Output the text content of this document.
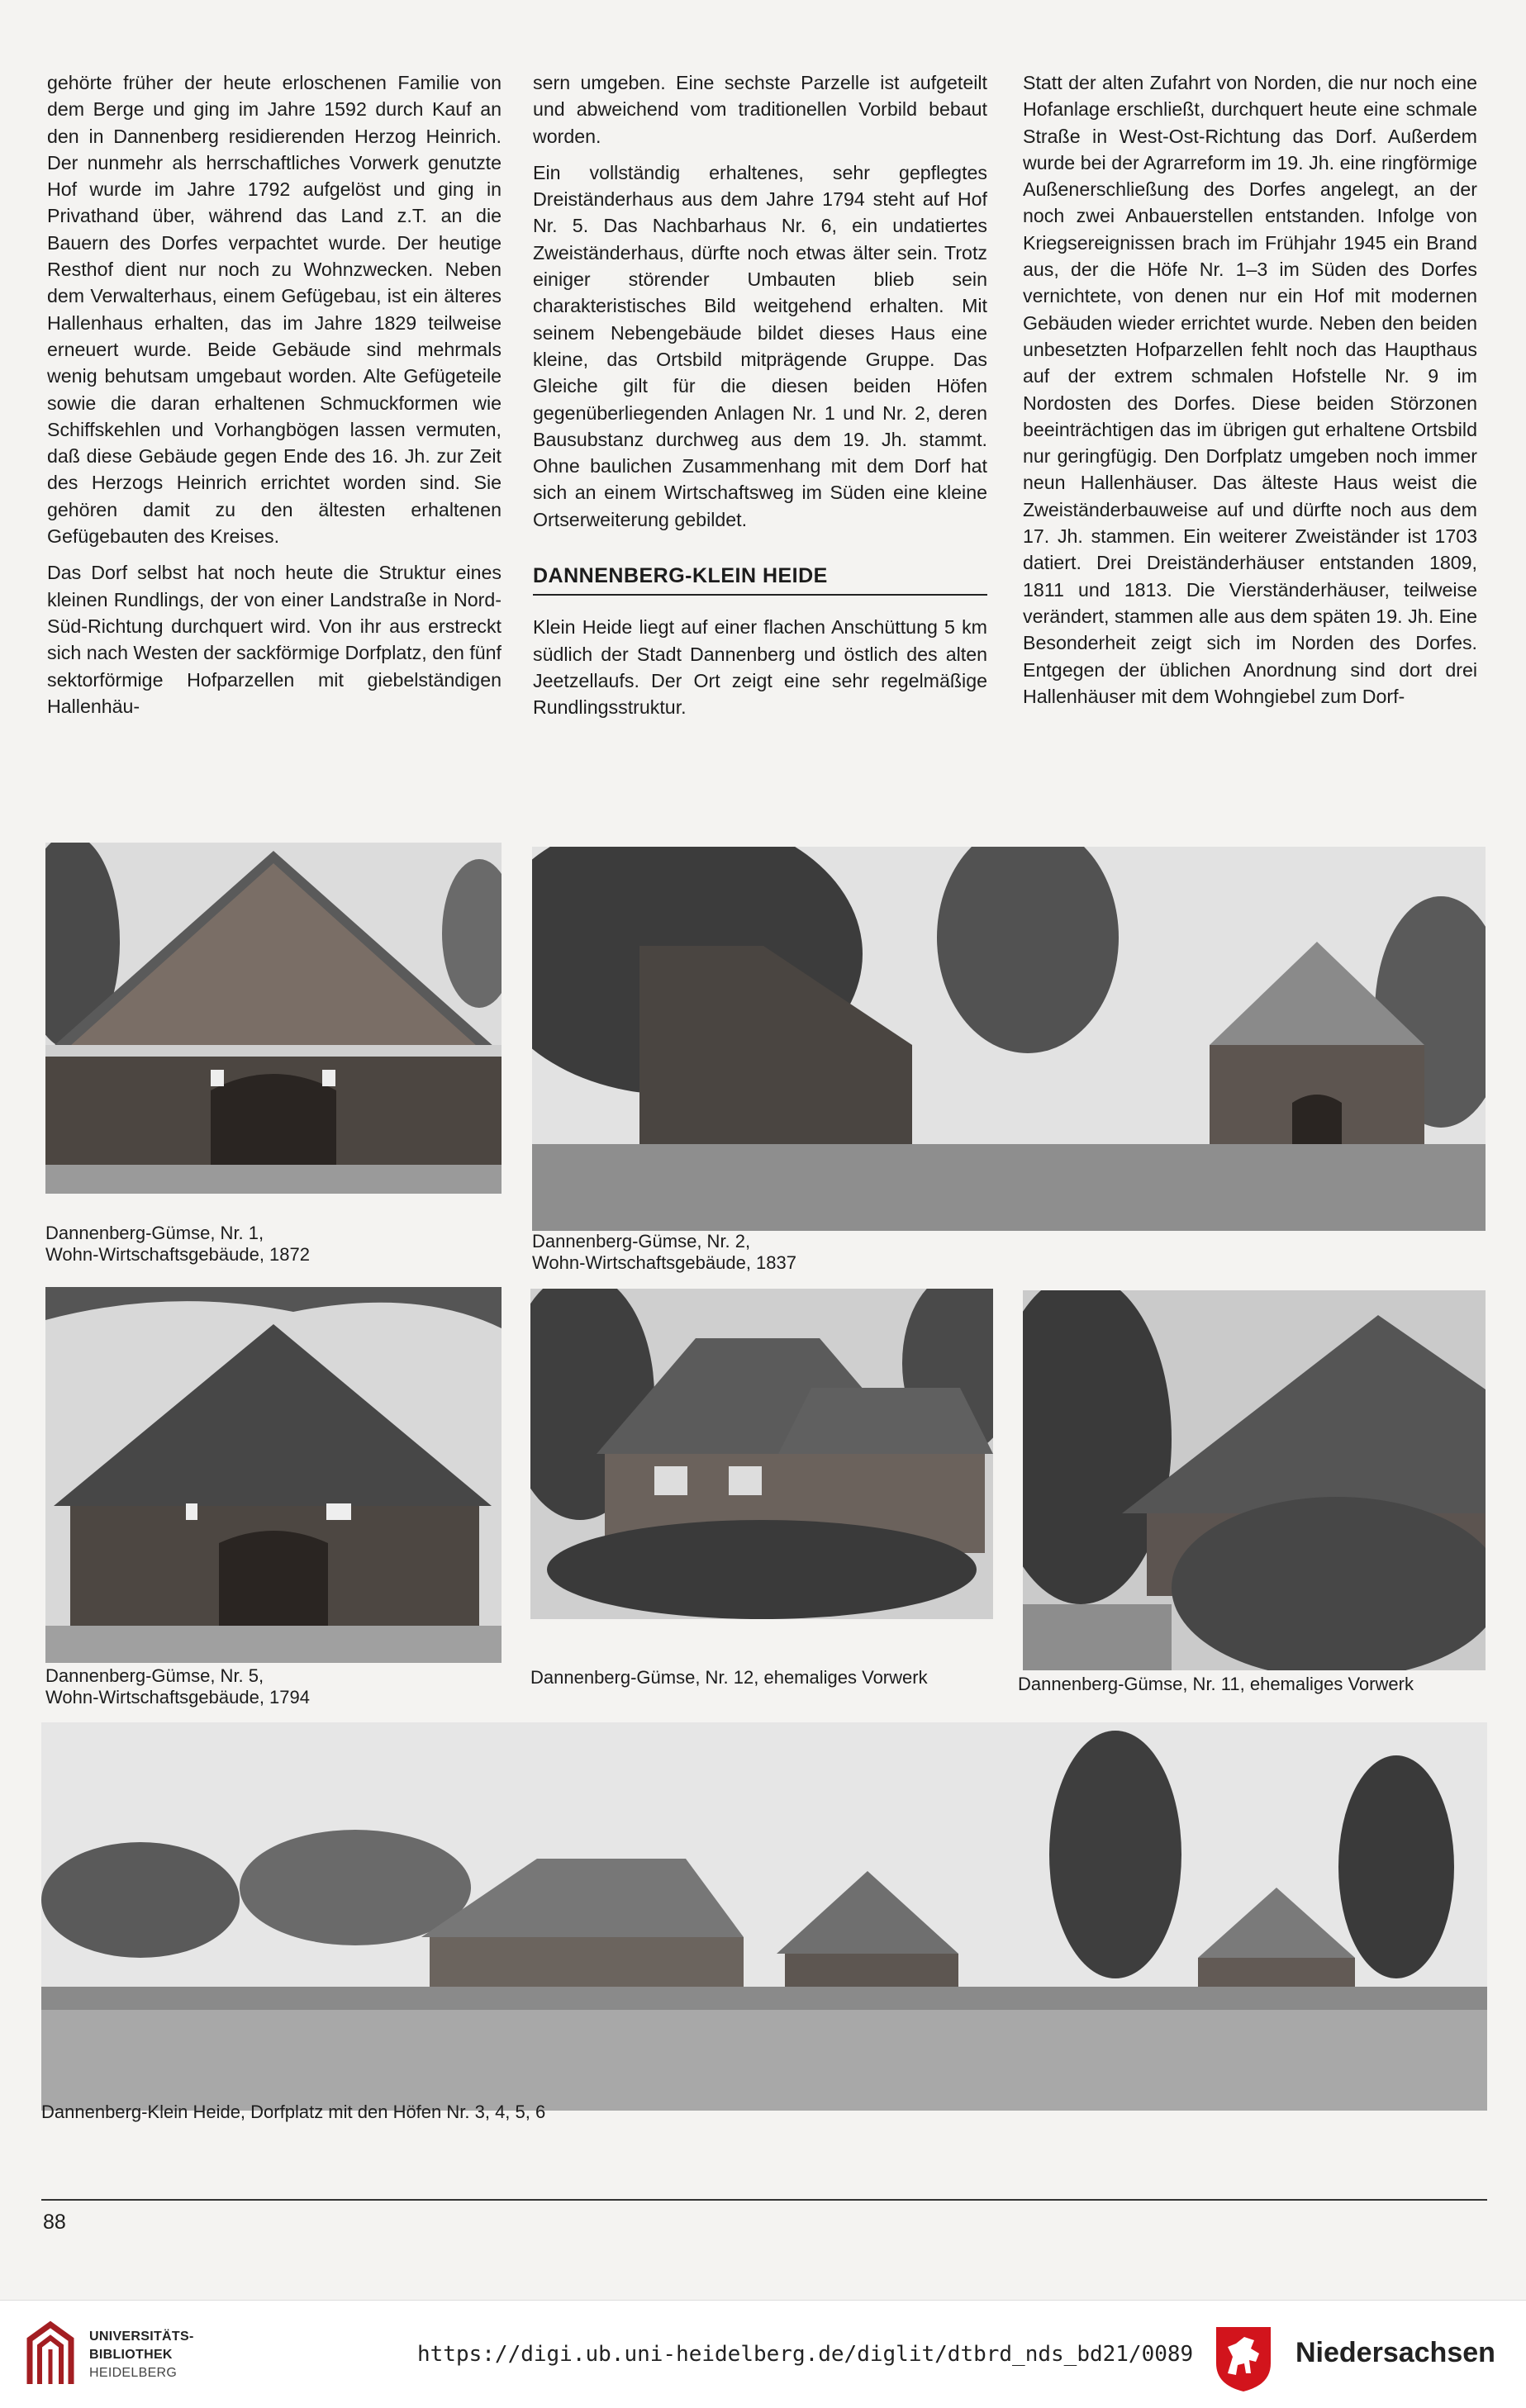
gehörte früher der heute erloschenen Familie von dem Berge und ging im Jahre 1592 durch Kauf an den in Dannenberg residierenden Herzog Heinrich. Der nunmehr als herrschaftliches Vorwerk genutzte Hof wurde im Jahre 1792 aufgelöst und ging in Privathand über, während das Land z.T. an die Bauern des Dorfes verpachtet wurde. Der heutige Resthof dient nur noch zu Wohnzwecken. Neben dem Verwalterhaus, einem Gefügebau, ist ein älteres Hallenhaus erhalten, das im Jahre 1829 teilweise erneuert wurde. Beide Gebäude sind mehrmals wenig behutsam umgebaut worden. Alte Gefügeteile sowie die daran erhaltenen Schmuckformen wie Schiffskehlen und Vorhangbögen lassen vermuten, daß diese Gebäude gegen Ende des 16. Jh. zur Zeit des Herzogs Heinrich errichtet worden sind. Sie gehören damit zu den ältesten erhaltenen Gefügebauten des Kreises.

Das Dorf selbst hat noch heute die Struktur eines kleinen Rundlings, der von einer Landstraße in Nord-Süd-Richtung durchquert wird. Von ihr aus erstreckt sich nach Westen der sackförmige Dorfplatz, den fünf sektorförmige Hofparzellen mit giebelständigen Hallenhäu-

sern umgeben. Eine sechste Parzelle ist aufgeteilt und abweichend vom traditionellen Vorbild bebaut worden.

Ein vollständig erhaltenes, sehr gepflegtes Dreiständerhaus aus dem Jahre 1794 steht auf Hof Nr. 5. Das Nachbarhaus Nr. 6, ein undatiertes Zweiständerhaus, dürfte noch etwas älter sein. Trotz einiger störender Umbauten blieb sein charakteristisches Bild weitgehend erhalten. Mit seinem Nebengebäude bildet dieses Haus eine kleine, das Ortsbild mitprägende Gruppe. Das Gleiche gilt für die diesen beiden Höfen gegenüberliegenden Anlagen Nr. 1 und Nr. 2, deren Bausubstanz durchweg aus dem 19. Jh. stammt. Ohne baulichen Zusammenhang mit dem Dorf hat sich an einem Wirtschaftsweg im Süden eine kleine Ortserweiterung gebildet.

DANNENBERG-KLEIN HEIDE

Klein Heide liegt auf einer flachen Anschüttung 5 km südlich der Stadt Dannenberg und östlich des alten Jeetzellaufs. Der Ort zeigt eine sehr regelmäßige Rundlingsstruktur.

Statt der alten Zufahrt von Norden, die nur noch eine Hofanlage erschließt, durchquert heute eine schmale Straße in West-Ost-Richtung das Dorf. Außerdem wurde bei der Agrarreform im 19. Jh. eine ringförmige Außenerschließung des Dorfes angelegt, an der noch zwei Anbauerstellen entstanden. Infolge von Kriegsereignissen brach im Frühjahr 1945 ein Brand aus, der die Höfe Nr. 1–3 im Süden des Dorfes vernichtete, von denen nur ein Hof mit modernen Gebäuden wieder errichtet wurde. Neben den beiden unbesetzten Hofparzellen fehlt noch das Haupthaus auf der extrem schmalen Hofstelle Nr. 9 im Nordosten des Dorfes. Diese beiden Störzonen beeinträchtigen das im übrigen gut erhaltene Ortsbild nur geringfügig. Den Dorfplatz umgeben noch immer neun Hallenhäuser. Das älteste Haus weist die Zweiständerbauweise auf und dürfte noch aus dem 17. Jh. stammen. Ein weiterer Zweiständer ist 1703 datiert. Drei Dreiständerhäuser entstanden 1809, 1811 und 1813. Die Vierständerhäuser, teilweise verändert, stammen alle aus dem späten 19. Jh. Eine Besonderheit zeigt sich im Norden des Dorfes. Entgegen der üblichen Anordnung sind dort drei Hallenhäuser mit dem Wohngiebel zum Dorf-

Dannenberg-Gümse, Nr. 1,
Wohn-Wirtschaftsgebäude, 1872
Dannenberg-Gümse, Nr. 2,
Wohn-Wirtschaftsgebäude, 1837
Dannenberg-Gümse, Nr. 5,
Wohn-Wirtschaftsgebäude, 1794
Dannenberg-Gümse, Nr. 12, ehemaliges Vorwerk	Dannenberg-Gümse, Nr. 11, ehemaliges Vorwerk
Dannenberg-Klein Heide, Dorfplatz mit den Höfen Nr. 3, 4, 5, 6
88
UNIVERSITÄTS-
BIBLIOTHEK
HEIDELBERG
https://digi.ub.uni-heidelberg.de/diglit/dtbrd_nds_bd21/0089	Niedersachsen
